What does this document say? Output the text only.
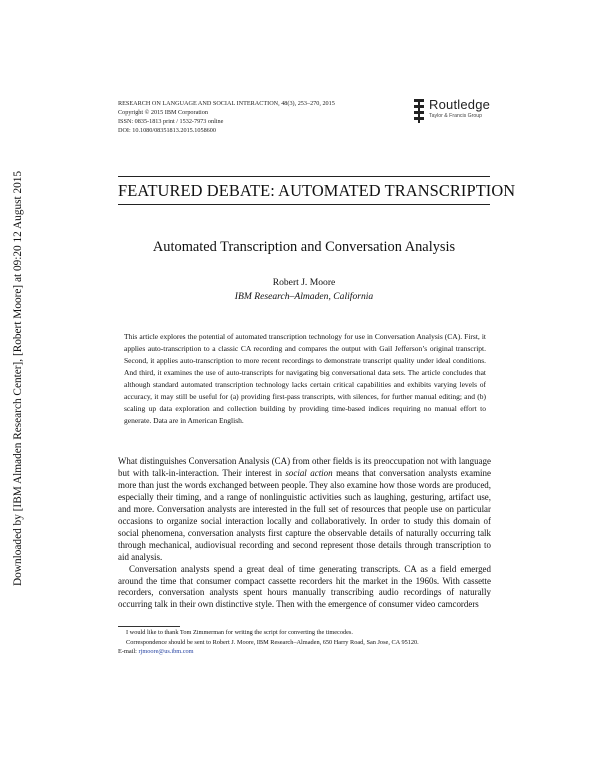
Downloaded by [IBM Almaden Research Center], [Robert Moore] at 09:20 12 August 2015
RESEARCH ON LANGUAGE AND SOCIAL INTERACTION, 48(3), 253–270, 2015
Copyright © 2015 IBM Corporation
ISSN: 0835-1813 print / 1532-7973 online
DOI: 10.1080/08351813.2015.1058600
Routledge
Taylor & Francis Group
FEATURED DEBATE: AUTOMATED TRANSCRIPTION
Automated Transcription and Conversation Analysis
Robert J. Moore
IBM Research–Almaden, California
This article explores the potential of automated transcription technology for use in Conversation Analysis (CA). First, it applies auto-transcription to a classic CA recording and compares the output with Gail Jefferson’s original transcript. Second, it applies auto-transcription to more recent recordings to demonstrate transcript quality under ideal conditions. And third, it examines the use of auto-transcripts for navigating big conversational data sets. The article concludes that although standard automated transcription technology lacks certain critical capabilities and exhibits varying levels of accuracy, it may still be useful for (a) providing first-pass transcripts, with silences, for further manual editing; and (b) scaling up data exploration and collection building by providing time-based indices requiring no manual effort to generate. Data are in American English.

What distinguishes Conversation Analysis (CA) from other fields is its preoccupation not with language but with talk-in-interaction. Their interest in social action means that conversation analysts examine more than just the words exchanged between people. They also examine how those words are produced, especially their timing, and a range of nonlinguistic activities such as laughing, gesturing, artifact use, and more. Conversation analysts are interested in the full set of resources that people use on particular occasions to organize social interaction locally and collaboratively. In order to study this domain of social phenomena, conversation analysts first capture the observable details of naturally occurring talk through mechanical, audiovisual recording and second represent those details through transcription to aid analysis.

Conversation analysts spend a great deal of time generating transcripts. CA as a field emerged around the time that consumer compact cassette recorders hit the market in the 1960s. With cassette recorders, conversation analysts spent hours manually transcribing audio recordings of naturally occurring talk in their own distinctive style. Then with the emergence of consumer video camcorders

I would like to thank Tom Zimmerman for writing the script for converting the timecodes.
Correspondence should be sent to Robert J. Moore, IBM Research–Almaden, 650 Harry Road, San Jose, CA 95120.
E-mail: rjmoore@us.ibm.com
